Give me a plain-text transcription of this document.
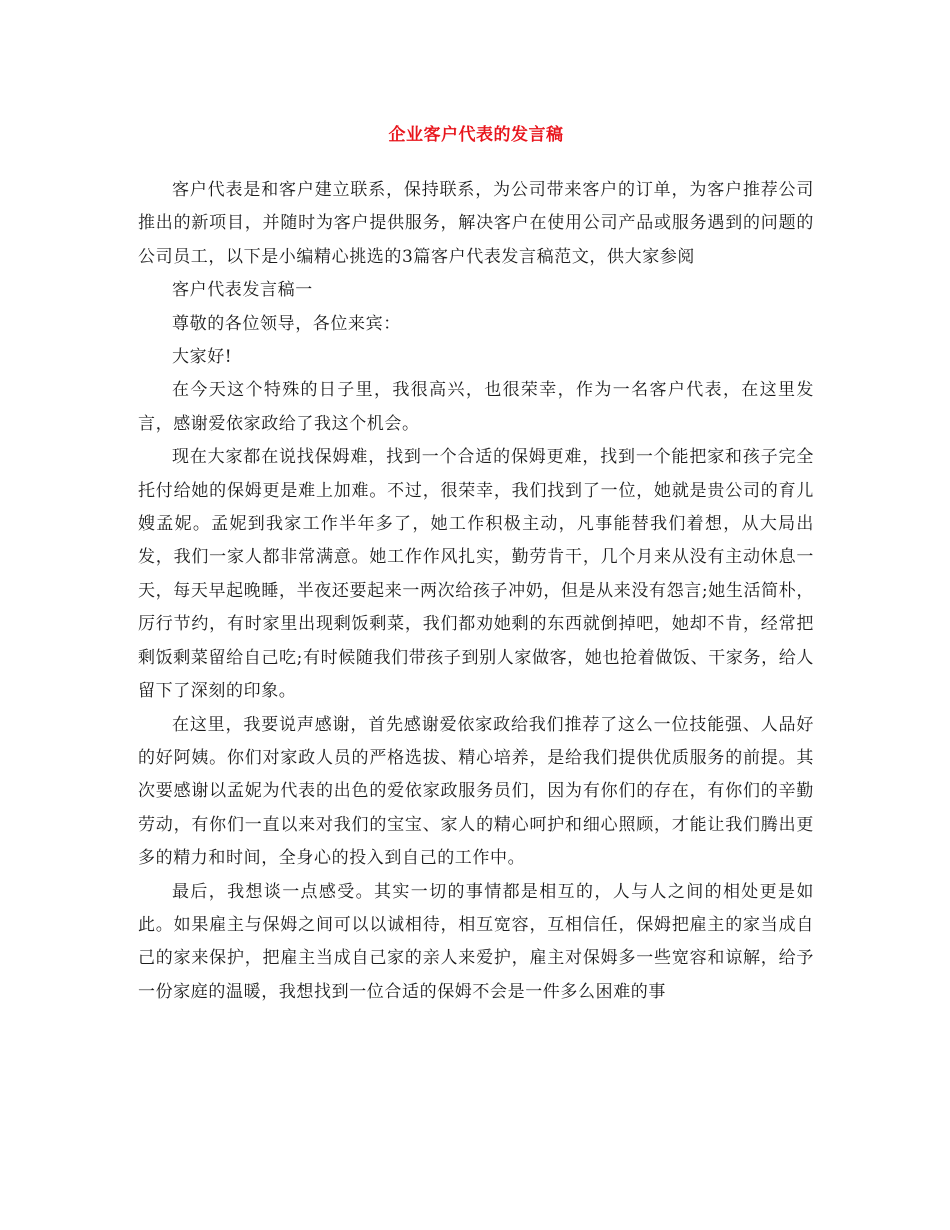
企业客户代表的发言稿

客户代表是和客户建立联系，保持联系，为公司带来客户的订单，为客户推荐公司推出的新项目，并随时为客户提供服务，解决客户在使用公司产品或服务遇到的问题的公司员工，以下是小编精心挑选的3篇客户代表发言稿范文，供大家参阅

客户代表发言稿一

尊敬的各位领导，各位来宾：

大家好!

在今天这个特殊的日子里，我很高兴，也很荣幸，作为一名客户代表，在这里发言，感谢爱依家政给了我这个机会。

现在大家都在说找保姆难，找到一个合适的保姆更难，找到一个能把家和孩子完全托付给她的保姆更是难上加难。不过，很荣幸，我们找到了一位，她就是贵公司的育儿嫂孟妮。孟妮到我家工作半年多了，她工作积极主动，凡事能替我们着想，从大局出发，我们一家人都非常满意。她工作作风扎实，勤劳肯干，几个月来从没有主动休息一天，每天早起晚睡，半夜还要起来一两次给孩子冲奶，但是从来没有怨言;她生活简朴，厉行节约，有时家里出现剩饭剩菜，我们都劝她剩的东西就倒掉吧，她却不肯，经常把剩饭剩菜留给自己吃;有时候随我们带孩子到别人家做客，她也抢着做饭、干家务，给人留下了深刻的印象。

在这里，我要说声感谢，首先感谢爱依家政给我们推荐了这么一位技能强、人品好的好阿姨。你们对家政人员的严格选拔、精心培养，是给我们提供优质服务的前提。其次要感谢以孟妮为代表的出色的爱依家政服务员们，因为有你们的存在，有你们的辛勤劳动，有你们一直以来对我们的宝宝、家人的精心呵护和细心照顾，才能让我们腾出更多的精力和时间，全身心的投入到自己的工作中。

最后，我想谈一点感受。其实一切的事情都是相互的，人与人之间的相处更是如此。如果雇主与保姆之间可以以诚相待，相互宽容，互相信任，保姆把雇主的家当成自己的家来保护，把雇主当成自己家的亲人来爱护，雇主对保姆多一些宽容和谅解，给予一份家庭的温暖，我想找到一位合适的保姆不会是一件多么困难的事
